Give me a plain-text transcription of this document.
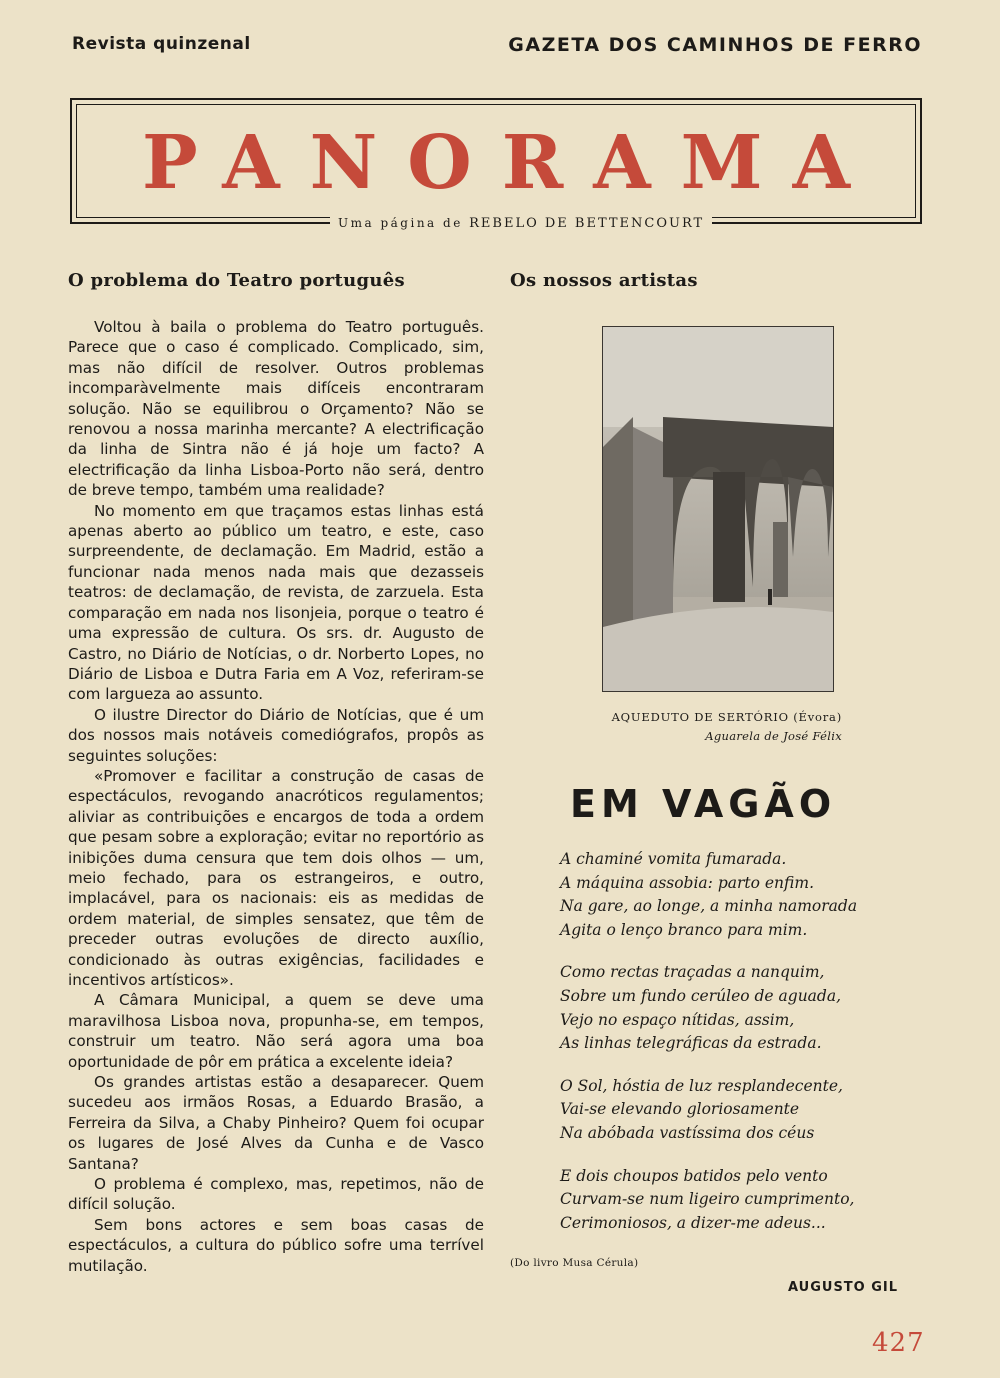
Revista quinzenal	GAZETA DOS CAMINHOS DE FERRO
PANORAMA
Uma página de REBELO DE BETTENCOURT
O problema do Teatro português

Voltou à baila o problema do Teatro português. Parece que o caso é complicado. Complicado, sim, mas não difícil de resolver. Outros problemas incomparàvelmente mais difíceis encontraram solução. Não se equilibrou o Orçamento? Não se renovou a nossa marinha mercante? A electrificação da linha de Sintra não é já hoje um facto? A electrificação da linha Lisboa-Porto não será, dentro de breve tempo, também uma realidade?

No momento em que traçamos estas linhas está apenas aberto ao público um teatro, e este, caso surpreendente, de declamação. Em Madrid, estão a funcionar nada menos nada mais que dezasseis teatros: de declamação, de revista, de zarzuela. Esta comparação em nada nos lisonjeia, porque o teatro é uma expressão de cultura. Os srs. dr. Augusto de Castro, no Diário de Notícias, o dr. Norberto Lopes, no Diário de Lisboa e Dutra Faria em A Voz, referiram-se com largueza ao assunto.

O ilustre Director do Diário de Notícias, que é um dos nossos mais notáveis comediógrafos, propôs as seguintes soluções:

«Promover e facilitar a construção de casas de espectáculos, revogando anacróticos regulamentos; aliviar as contribuições e encargos de toda a ordem que pesam sobre a exploração; evitar no reportório as inibições duma censura que tem dois olhos — um, meio fechado, para os estrangeiros, e outro, implacável, para os nacionais: eis as medidas de ordem material, de simples sensatez, que têm de preceder outras evoluções de directo auxílio, condicionado às outras exigências, facilidades e incentivos artísticos».

A Câmara Municipal, a quem se deve uma maravilhosa Lisboa nova, propunha-se, em tempos, construir um teatro. Não será agora uma boa oportunidade de pôr em prática a excelente ideia?

Os grandes artistas estão a desaparecer. Quem sucedeu aos irmãos Rosas, a Eduardo Brasão, a Ferreira da Silva, a Chaby Pinheiro? Quem foi ocupar os lugares de José Alves da Cunha e de Vasco Santana?

O problema é complexo, mas, repetimos, não de difícil solução.

Sem bons actores e sem boas casas de espectáculos, a cultura do público sofre uma terrível mutilação.

Os nossos artistas
AQUEDUTO DE SERTÓRIO (Évora)
Aguarela de José Félix
EM VAGÃO
A chaminé vomita fumarada.
A máquina assobia: parto enfim.
Na gare, ao longe, a minha namorada
Agita o lenço branco para mim.
Como rectas traçadas a nanquim,
Sobre um fundo cerúleo de aguada,
Vejo no espaço nítidas, assim,
As linhas telegráficas da estrada.
O Sol, hóstia de luz resplandecente,
Vai-se elevando gloriosamente
Na abóbada vastíssima dos céus
E dois choupos batidos pelo vento
Curvam-se num ligeiro cumprimento,
Cerimoniosos, a dizer-me adeus...
(Do livro Musa Cérula)
AUGUSTO GIL
427
